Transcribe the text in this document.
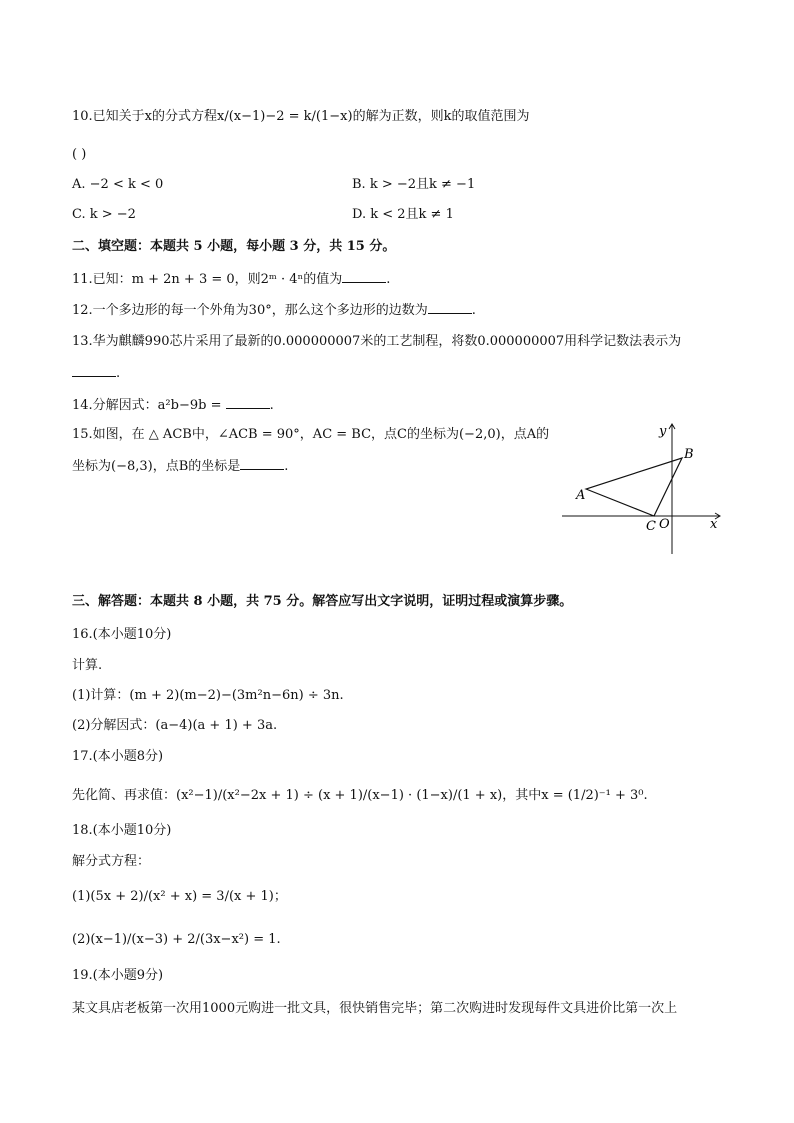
10.已知关于x的分式方程x/(x−1)−2 = k/(1−x)的解为正数，则k的取值范围为
( )
A. −2 < k < 0	B. k > −2且k ≠ −1
C. k > −2	D. k < 2且k ≠ 1
二、填空题：本题共 5 小题，每小题 3 分，共 15 分。
11.已知：m + 2n + 3 = 0，则2ᵐ · 4ⁿ的值为	.
12.一个多边形的每一个外角为30°，那么这个多边形的边数为	.
13.华为麒麟990芯片采用了最新的0.000000007米的工艺制程，将数0.000000007用科学记数法表示为
.
14.分解因式：a²b−9b =	.
15.如图，在 △ ACB中，∠ACB = 90°，AC = BC，点C的坐标为(−2,0)，点A的
坐标为(−8,3)，点B的坐标是	.
y
x
A
B
C O
三、解答题：本题共 8 小题，共 75 分。解答应写出文字说明，证明过程或演算步骤。
16.(本小题10分)
计算.
(1)计算：(m + 2)(m−2)−(3m²n−6n) ÷ 3n.
(2)分解因式：(a−4)(a + 1) + 3a.
17.(本小题8分)
先化简、再求值：(x²−1)/(x²−2x + 1) ÷ (x + 1)/(x−1) · (1−x)/(1 + x)，其中x = (1/2)⁻¹ + 3⁰.
18.(本小题10分)
解分式方程：
(1)(5x + 2)/(x² + x) = 3/(x + 1)；
(2)(x−1)/(x−3) + 2/(3x−x²) = 1.
19.(本小题9分)
某文具店老板第一次用1000元购进一批文具，很快销售完毕；第二次购进时发现每件文具进价比第一次上
